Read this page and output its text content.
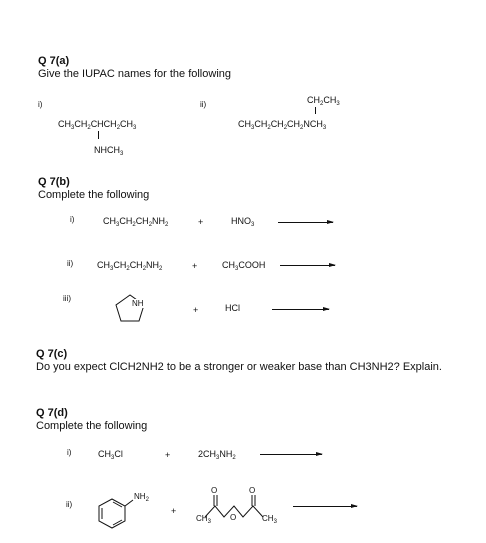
Q 7(a)
Give the IUPAC names for the following
i)
$CH_3CH_2CHCH_2CH_3$
$NHCH_3$
ii)	$CH_2CH_3$
$CH_3CH_2CH_2CH_2NCH_3$
Q 7(b)
Complete the following
i)	$CH_3CH_2CH_2NH_2$	+	$HNO_3$
ii)	$CH_3CH_2CH_2NH_2$	+	$CH_3COOH$
iii)
NH
+	HCl
Q 7(c)
Do you expect ClCH2NH2 to be a stronger or weaker base than CH3NH2? Explain.
Q 7(d)
Complete the following
i)	$CH_3Cl$	+	$2CH_3NH_2$
ii)
$NH_2$
+
O	O
O
$CH_3$	$CH_3$
